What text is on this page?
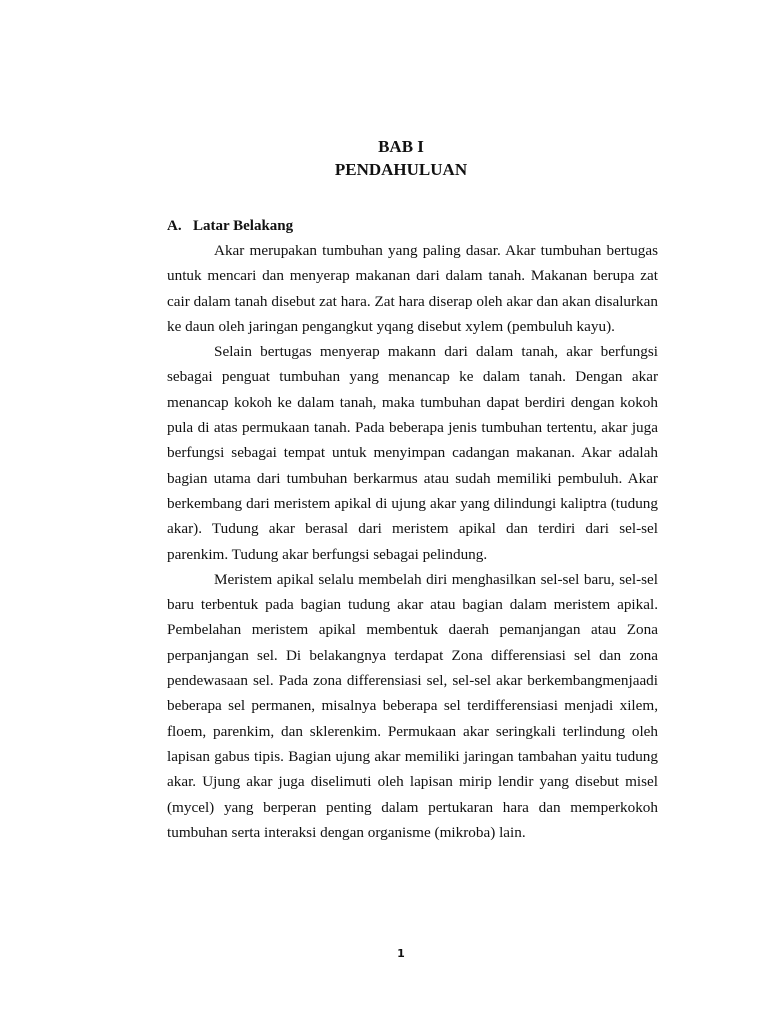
BAB I
PENDAHULUAN
A. Latar Belakang

Akar merupakan tumbuhan yang paling dasar. Akar tumbuhan bertugas untuk mencari dan menyerap makanan dari dalam tanah. Makanan berupa zat cair dalam tanah disebut zat hara. Zat hara diserap oleh akar dan akan disalurkan ke daun oleh jaringan pengangkut yqang disebut xylem (pembuluh kayu).

Selain bertugas menyerap makann dari dalam tanah, akar berfungsi sebagai penguat tumbuhan yang menancap ke dalam tanah. Dengan akar menancap kokoh ke dalam tanah, maka tumbuhan dapat berdiri dengan kokoh pula di atas permukaan tanah. Pada beberapa jenis tumbuhan tertentu, akar juga berfungsi sebagai tempat untuk menyimpan cadangan makanan. Akar adalah bagian utama dari tumbuhan berkarmus atau sudah memiliki pembuluh. Akar berkembang dari meristem apikal di ujung akar yang dilindungi kaliptra (tudung akar). Tudung akar berasal dari meristem apikal dan terdiri dari sel-sel parenkim. Tudung akar berfungsi sebagai pelindung.

Meristem apikal selalu membelah diri menghasilkan sel-sel baru, sel-sel baru terbentuk pada bagian tudung akar atau bagian dalam meristem apikal. Pembelahan meristem apikal membentuk daerah pemanjangan atau Zona perpanjangan sel. Di belakangnya terdapat Zona differensiasi sel dan zona pendewasaan sel. Pada zona differensiasi sel, sel-sel akar berkembangmenjaadi beberapa sel permanen, misalnya beberapa sel terdifferensiasi menjadi xilem, floem, parenkim, dan sklerenkim. Permukaan akar seringkali terlindung oleh lapisan gabus tipis. Bagian ujung akar memiliki jaringan tambahan yaitu tudung akar. Ujung akar juga diselimuti oleh lapisan mirip lendir yang disebut misel (mycel) yang berperan penting dalam pertukaran hara dan memperkokoh tumbuhan serta interaksi dengan organisme (mikroba) lain.

1
